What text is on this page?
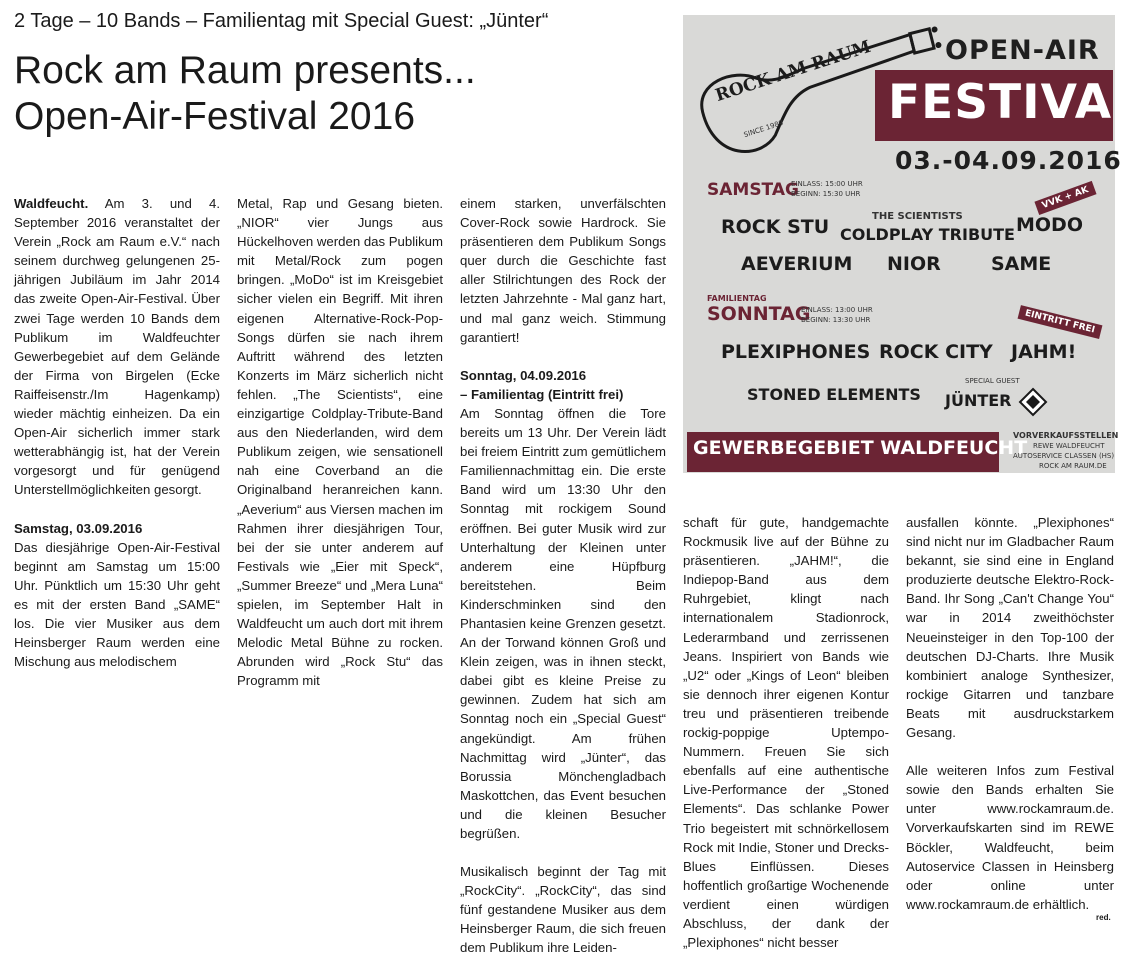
2 Tage – 10 Bands – Familientag mit Special Guest: „Jünter“
Rock am Raum presents...
Open-Air-Festival 2016

Waldfeucht. Am 3. und 4. September 2016 veranstaltet der Verein „Rock am Raum e.V.“ nach seinem durchweg gelungenen 25-jährigen Jubiläum im Jahr 2014 das zweite Open-Air-Festival. Über zwei Tage werden 10 Bands dem Publikum im Waldfeuchter Gewerbegebiet auf dem Gelände der Firma von Birgelen (Ecke Raiffeisenstr./Im Hagenkamp) wieder mächtig einheizen. Da ein Open-Air sicherlich immer stark wetterabhängig ist, hat der Verein vorgesorgt und für genügend Unterstellmöglichkeiten gesorgt.

Samstag, 03.09.2016

Das diesjährige Open-Air-Festival beginnt am Samstag um 15:00 Uhr. Pünktlich um 15:30 Uhr geht es mit der ersten Band „SAME“ los. Die vier Musiker aus dem Heinsberger Raum werden eine Mischung aus melodischem

Metal, Rap und Gesang bieten. „NIOR“ vier Jungs aus Hückelhoven werden das Publikum mit Metal/Rock zum pogen bringen. „MoDo“ ist im Kreisgebiet sicher vielen ein Begriff. Mit ihren eigenen Alternative-Rock-Pop-Songs dürfen sie nach ihrem Auftritt während des letzten Konzerts im März sicherlich nicht fehlen. „The Scientists“, eine einzigartige Coldplay-Tribute-Band aus den Niederlanden, wird dem Publikum zeigen, wie sensationell nah eine Coverband an die Originalband heranreichen kann. „Aeverium“ aus Viersen machen im Rahmen ihrer diesjährigen Tour, bei der sie unter anderem auf Festivals wie „Eier mit Speck“, „Summer Breeze“ und „Mera Luna“ spielen, im September Halt in Waldfeucht um auch dort mit ihrem Melodic Metal Bühne zu rocken. Abrunden wird „Rock Stu“ das Programm mit

einem starken, unverfälschten Cover-Rock sowie Hardrock. Sie präsentieren dem Publikum Songs quer durch die Geschichte fast aller Stilrichtungen des Rock der letzten Jahrzehnte - Mal ganz hart, und mal ganz weich. Stimmung garantiert!

Sonntag, 04.09.2016
– Familientag (Eintritt frei)

Am Sonntag öffnen die Tore bereits um 13 Uhr. Der Verein lädt bei freiem Eintritt zum gemütlichem Familiennachmittag ein. Die erste Band wird um 13:30 Uhr den Sonntag mit rockigem Sound eröffnen. Bei guter Musik wird zur Unterhaltung der Kleinen unter anderem eine Hüpfburg bereitstehen. Beim Kinderschminken sind den Phantasien keine Grenzen gesetzt. An der Torwand können Groß und Klein zeigen, was in ihnen steckt, dabei gibt es kleine Preise zu gewinnen. Zudem hat sich am Sonntag noch ein „Special Guest“ angekündigt. Am frühen Nachmittag wird „Jünter“, das Borussia Mönchengladbach Maskottchen, das Event besuchen und die kleinen Besucher begrüßen.

Musikalisch beginnt der Tag mit „RockCity“. „RockCity“, das sind fünf gestandene Musiker aus dem Heinsberger Raum, die sich freuen dem Publikum ihre Leiden-

schaft für gute, handgemachte Rockmusik live auf der Bühne zu präsentieren. „JAHM!“, die Indiepop-Band aus dem Ruhrgebiet, klingt nach internationalem Stadionrock, Lederarmband und zerrissenen Jeans. Inspiriert von Bands wie „U2“ oder „Kings of Leon“ bleiben sie dennoch ihrer eigenen Kontur treu und präsentieren treibende rockig-poppige Uptempo-Nummern. Freuen Sie sich ebenfalls auf eine authentische Live-Performance der „Stoned Elements“. Das schlanke Power Trio begeistert mit schnörkellosem Rock mit Indie, Stoner und Drecks-Blues Einflüssen. Dieses hoffentlich großartige Wochenende verdient einen würdigen Abschluss, der dank der „Plexiphones“ nicht besser

ausfallen könnte. „Plexiphones“ sind nicht nur im Gladbacher Raum bekannt, sie sind eine in England produzierte deutsche Elektro-Rock-Band. Ihr Song „Can't Change You“ war in 2014 zweithöchster Neueinsteiger in den Top-100 der deutschen DJ-Charts. Ihre Musik kombiniert analoge Synthesizer, rockige Gitarren und tanzbare Beats mit ausdruckstarkem Gesang.

Alle weiteren Infos zum Festival sowie den Bands erhalten Sie unter www.rockamraum.de. Vorverkaufskarten sind im REWE Böckler, Waldfeucht, beim Autoservice Classen in Heinsberg oder online unter www.rockamraum.de erhältlich.

red.
ROCK AM RAUM
SINCE 1989
OPEN-AIR
FESTIVAL
03.-04.09.2016
SAMSTAG
EINLASS: 15:00 UHR
BEGINN: 15:30 UHR	VVK + AK
ROCK STU	THE SCIENTISTS
COLDPLAY TRIBUTE MODO
AEVERIUM NIOR	SAME
FAMILIENTAG
SONNTAG
EINLASS: 13:00 UHR
BEGINN: 13:30 UHR	EINTRITT FREI
PLEXIPHONES ROCK CITY JAHM!
STONED ELEMENTS
SPECIAL GUEST
JÜNTER
GEWERBEGEBIET WALDFEUCHT
VORVERKAUFSSTELLEN
REWE WALDFEUCHT
AUTOSERVICE CLASSEN (HS)
ROCK AM RAUM.DE
